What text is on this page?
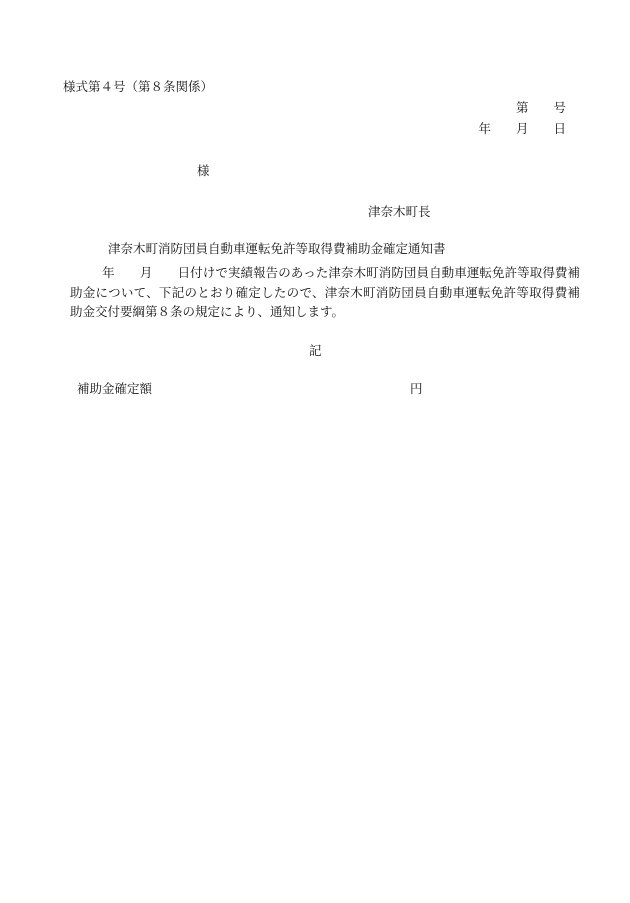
様式第４号（第８条関係）
第 号
年 月 日
様
津奈木町長
津奈木町消防団員自動車運転免許等取得費補助金確定通知書
年　　月　　日付けで実績報告のあった津奈木町消防団員自動車運転免許等取得費補助金について、下記のとおり確定したので、津奈木町消防団員自動車運転免許等取得費補助金交付要綱第８条の規定により、通知します。
記
補助金確定額	円
